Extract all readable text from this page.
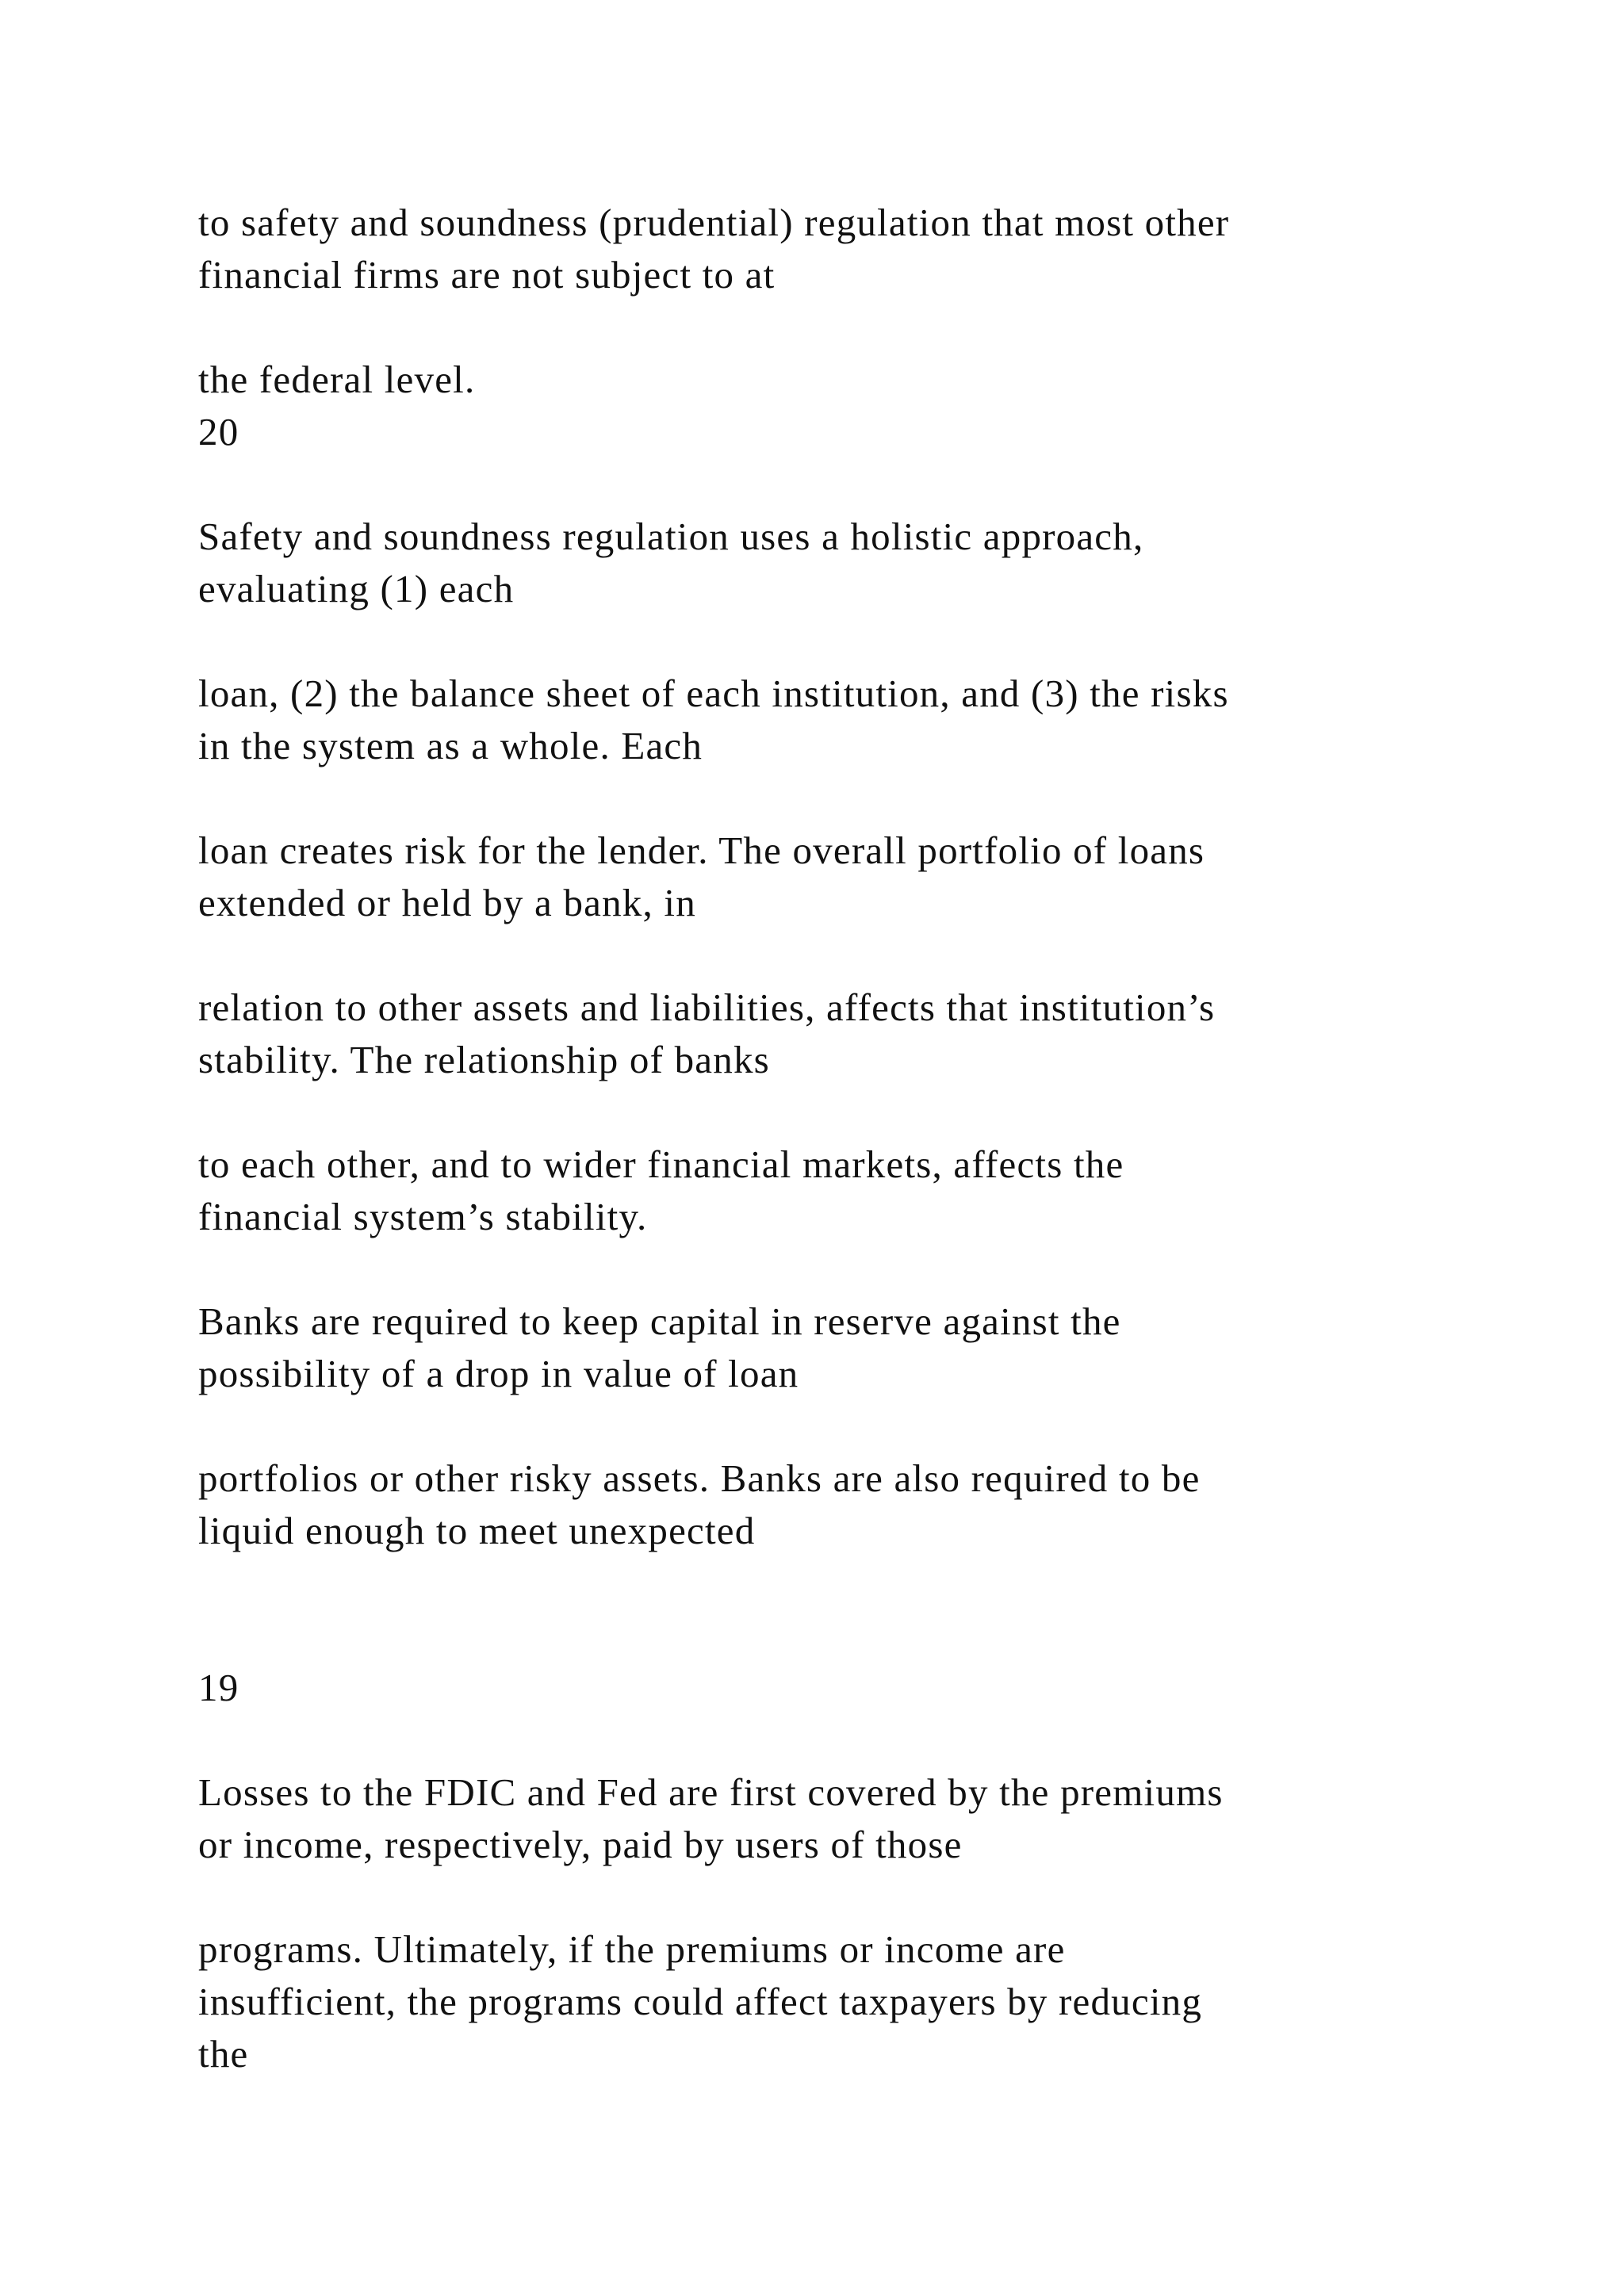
to safety and soundness (prudential) regulation that most other
financial firms are not subject to at

the federal level.
20

Safety and soundness regulation uses a holistic approach,
evaluating (1) each

loan, (2) the balance sheet of each institution, and (3) the risks
in the system as a whole. Each

loan creates risk for the lender. The overall portfolio of loans
extended or held by a bank, in

relation to other assets and liabilities, affects that institution’s
stability. The relationship of banks

to each other, and to wider financial markets, affects the
financial system’s stability.

Banks are required to keep capital in reserve against the
possibility of a drop in value of loan

portfolios or other risky assets. Banks are also required to be
liquid enough to meet unexpected

19

Losses to the FDIC and Fed are first covered by the premiums
or income, respectively, paid by users of those

programs. Ultimately, if the premiums or income are
insufficient, the programs could affect taxpayers by reducing
the
